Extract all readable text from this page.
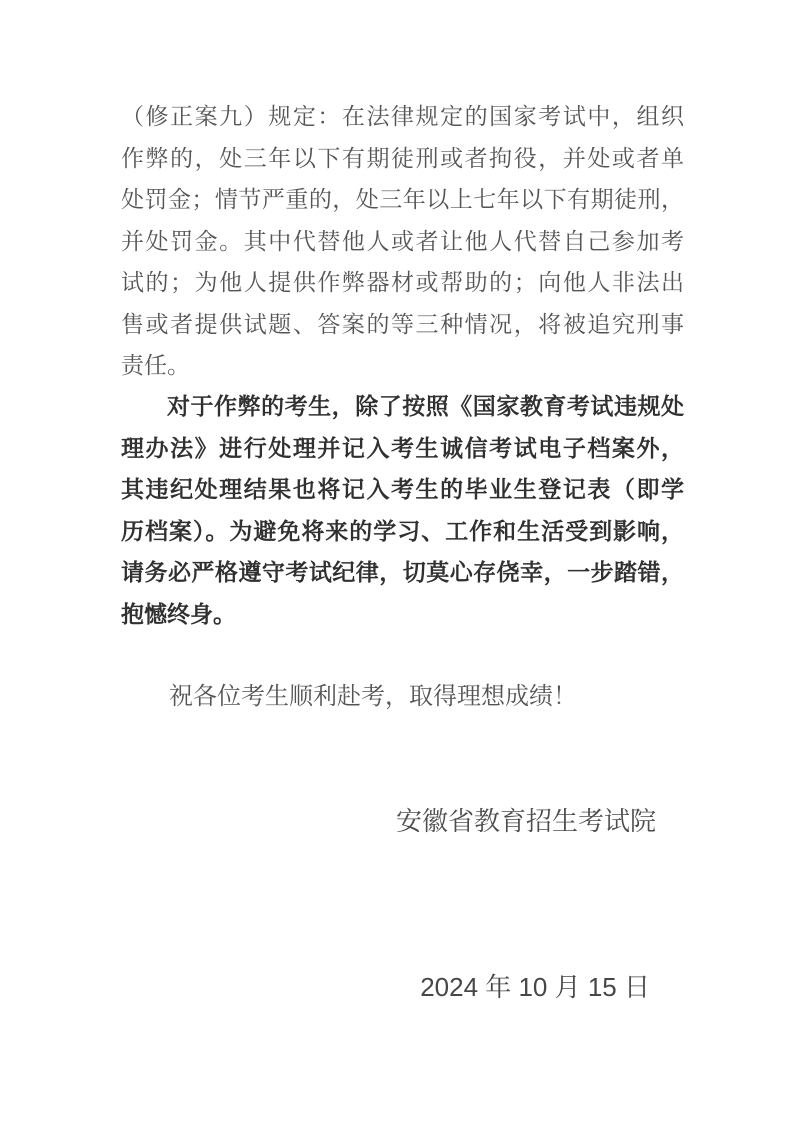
（修正案九）规定：在法律规定的国家考试中，组织
作弊的，处三年以下有期徒刑或者拘役，并处或者单
处罚金；情节严重的，处三年以上七年以下有期徒刑，
并处罚金。其中代替他人或者让他人代替自己参加考
试的；为他人提供作弊器材或帮助的；向他人非法出
售或者提供试题、答案的等三种情况，将被追究刑事
责任。
对于作弊的考生，除了按照《国家教育考试违规处
理办法》进行处理并记入考生诚信考试电子档案外，
其违纪处理结果也将记入考生的毕业生登记表（即学
历档案）。为避免将来的学习、工作和生活受到影响，
请务必严格遵守考试纪律，切莫心存侥幸，一步踏错，
抱憾终身。
祝各位考生顺利赴考，取得理想成绩！
安徽省教育招生考试院
2024 年 10 月 15 日
